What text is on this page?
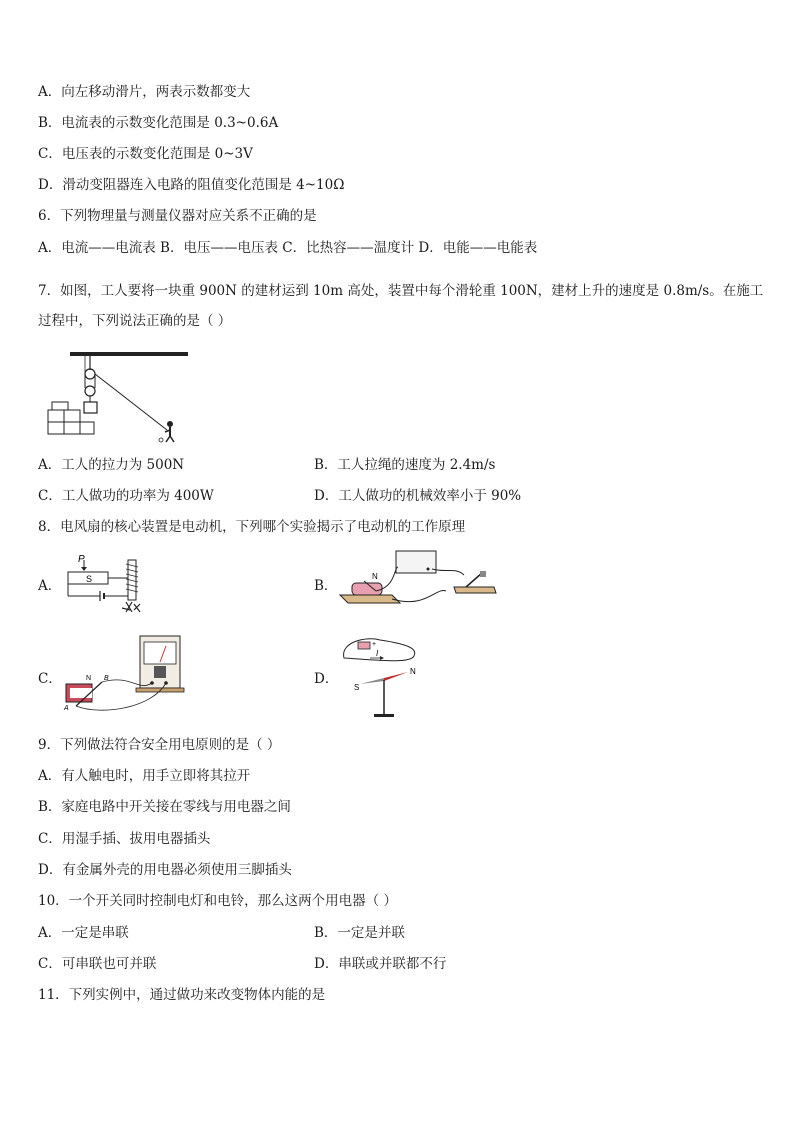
A．向左移动滑片，两表示数都变大
B．电流表的示数变化范围是 0.3~0.6A
C．电压表的示数变化范围是 0~3V
D．滑动变阻器连入电路的阻值变化范围是 4~10Ω
6．下列物理量与测量仪器对应关系不正确的是
A．电流——电流表 B．电压——电压表 C．比热容——温度计 D．电能——电能表
7．如图，工人要将一块重 900N 的建材运到 10m 高处，装置中每个滑轮重 100N，建材上升的速度是 0.8m/s。在施工
过程中，下列说法正确的是（ ）
A．工人的拉力为 500N	B．工人拉绳的速度为 2.4m/s
C．工人做功的功率为 400W	D．工人做功的机械效率小于 90%
8．电风扇的核心装置是电动机，下列哪个实验揭示了电动机的工作原理
A．
P
S	B．
N
C．	N B
A
D．
+
I
S
N
9．下列做法符合安全用电原则的是（ ）
A．有人触电时，用手立即将其拉开
B．家庭电路中开关接在零线与用电器之间
C．用湿手插、拔用电器插头
D．有金属外壳的用电器必须使用三脚插头
10．一个开关同时控制电灯和电铃，那么这两个用电器（ ）
A．一定是串联	B．一定是并联
C．可串联也可并联	D．串联或并联都不行
11．下列实例中，通过做功来改变物体内能的是
